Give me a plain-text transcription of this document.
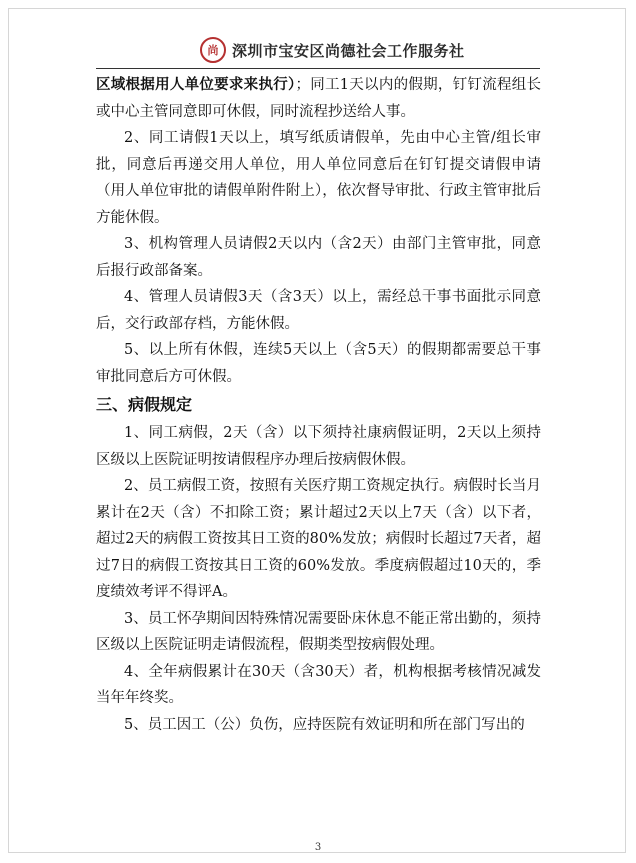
尚 深圳市宝安区尚德社会工作服务社

区域根据用人单位要求来执行）；同工1天以内的假期，钉钉流程组长或中心主管同意即可休假，同时流程抄送给人事。

2、同工请假1天以上，填写纸质请假单，先由中心主管/组长审批，同意后再递交用人单位，用人单位同意后在钉钉提交请假申请（用人单位审批的请假单附件附上），依次督导审批、行政主管审批后方能休假。

3、机构管理人员请假2天以内（含2天）由部门主管审批，同意后报行政部备案。

4、管理人员请假3天（含3天）以上，需经总干事书面批示同意后，交行政部存档，方能休假。

5、以上所有休假，连续5天以上（含5天）的假期都需要总干事审批同意后方可休假。

三、病假规定

1、同工病假，2天（含）以下须持社康病假证明，2天以上须持区级以上医院证明按请假程序办理后按病假休假。

2、员工病假工资，按照有关医疗期工资规定执行。病假时长当月累计在2天（含）不扣除工资；累计超过2天以上7天（含）以下者，超过2天的病假工资按其日工资的80%发放；病假时长超过7天者，超过7日的病假工资按其日工资的60%发放。季度病假超过10天的，季度绩效考评不得评A。

3、员工怀孕期间因特殊情况需要卧床休息不能正常出勤的，须持区级以上医院证明走请假流程，假期类型按病假处理。

4、全年病假累计在30天（含30天）者，机构根据考核情况减发当年年终奖。

5、员工因工（公）负伤，应持医院有效证明和所在部门写出的

3
